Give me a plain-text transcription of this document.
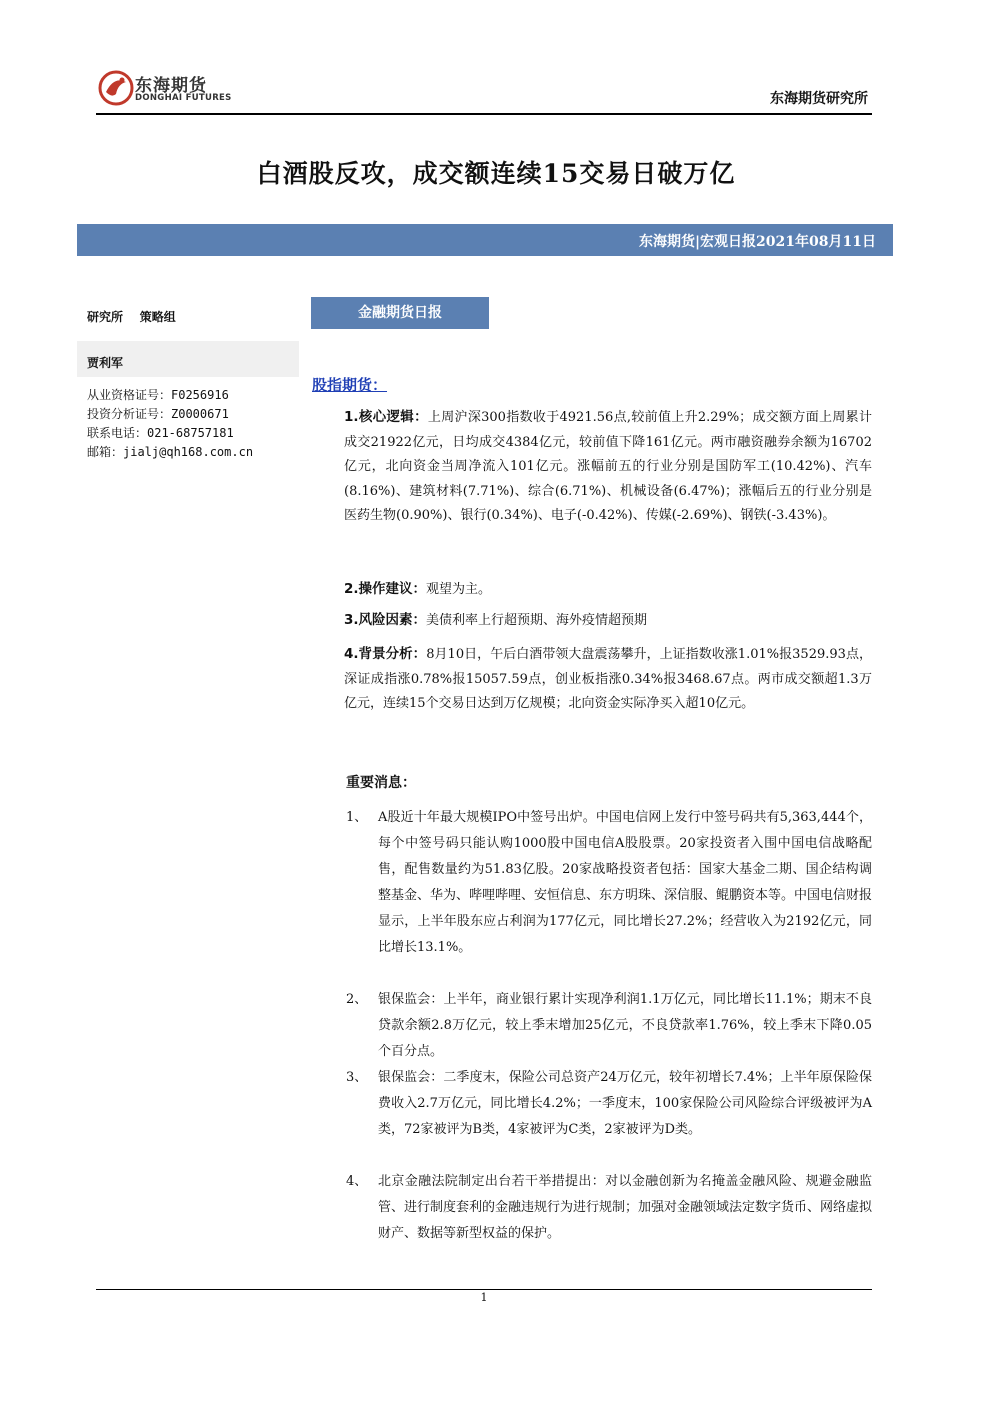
东海期货
DONGHAI FUTURES	东海期货研究所
白酒股反攻，成交额连续15交易日破万亿
东海期货|宏观日报2021年08月11日
研究所    策略组
贾利军
从业资格证号：F0256916
投资分析证号：Z0000671
联系电话：021-68757181
邮箱：jialj@qh168.com.cn
金融期货日报
股指期货：
1.核心逻辑：上周沪深300指数收于4921.56点,较前值上升2.29%；成交额方面上周累计成交21922亿元，日均成交4384亿元，较前值下降161亿元。两市融资融券余额为16702亿元，北向资金当周净流入101亿元。涨幅前五的行业分别是国防军工(10.42%)、汽车(8.16%)、建筑材料(7.71%)、综合(6.71%)、机械设备(6.47%)；涨幅后五的行业分别是医药生物(0.90%)、银行(0.34%)、电子(-0.42%)、传媒(-2.69%)、钢铁(-3.43%)。
2.操作建议：观望为主。
3.风险因素：美债利率上行超预期、海外疫情超预期
4.背景分析：8月10日，午后白酒带领大盘震荡攀升，上证指数收涨1.01%报3529.93点，深证成指涨0.78%报15057.59点，创业板指涨0.34%报3468.67点。两市成交额超1.3万亿元，连续15个交易日达到万亿规模；北向资金实际净买入超10亿元。
重要消息：
1、 A股近十年最大规模IPO中签号出炉。中国电信网上发行中签号码共有5,363,444个，每个中签号码只能认购1000股中国电信A股股票。20家投资者入围中国电信战略配售，配售数量约为51.83亿股。20家战略投资者包括：国家大基金二期、国企结构调整基金、华为、哔哩哔哩、安恒信息、东方明珠、深信服、鲲鹏资本等。中国电信财报显示，上半年股东应占利润为177亿元，同比增长27.2%；经营收入为2192亿元，同比增长13.1%。
2、 银保监会：上半年，商业银行累计实现净利润1.1万亿元，同比增长11.1%；期末不良贷款余额2.8万亿元，较上季末增加25亿元，不良贷款率1.76%，较上季末下降0.05个百分点。
3、 银保监会：二季度末，保险公司总资产24万亿元，较年初增长7.4%；上半年原保险保费收入2.7万亿元，同比增长4.2%；一季度末，100家保险公司风险综合评级被评为A类，72家被评为B类，4家被评为C类，2家被评为D类。
4、 北京金融法院制定出台若干举措提出：对以金融创新为名掩盖金融风险、规避金融监管、进行制度套利的金融违规行为进行规制；加强对金融领域法定数字货币、网络虚拟财产、数据等新型权益的保护。
1
